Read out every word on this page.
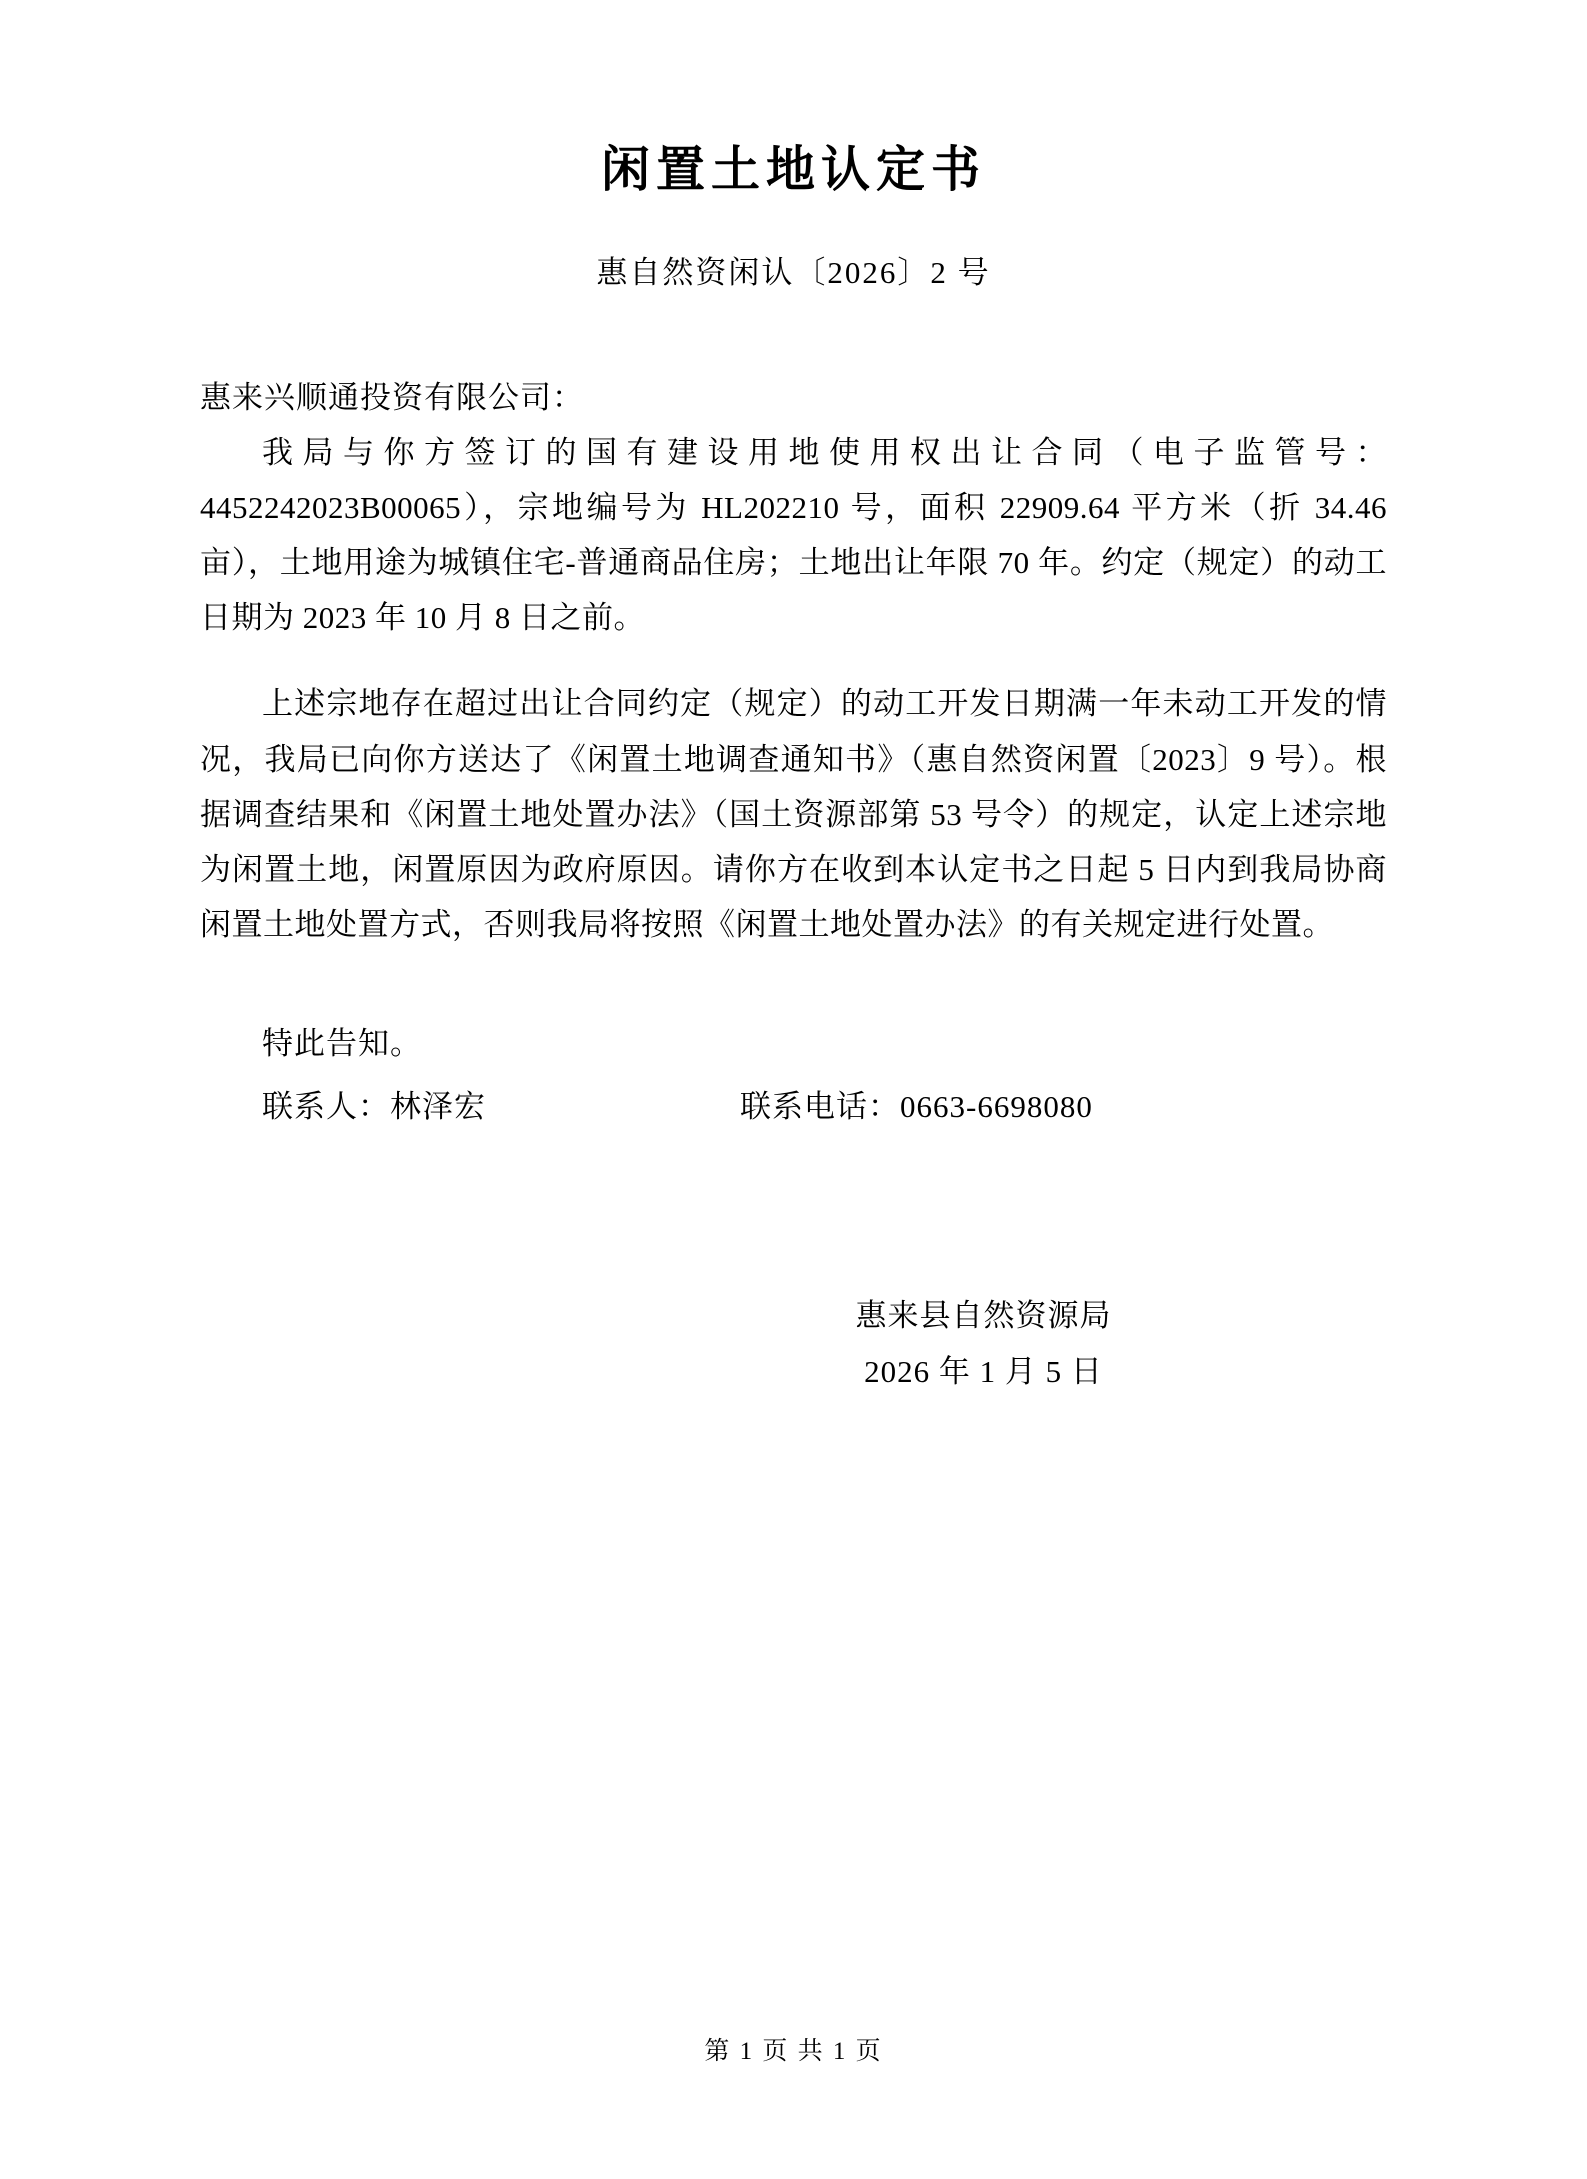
闲置土地认定书
惠自然资闲认〔2026〕2 号
惠来兴顺通投资有限公司：

我局与你方签订的国有建设用地使用权出让合同（电子监管号：4452242023B00065），宗地编号为 HL202210 号，面积 22909.64 平方米（折 34.46 亩），土地用途为城镇住宅-普通商品住房；土地出让年限 70 年。约定（规定）的动工日期为 2023 年 10 月 8 日之前。

上述宗地存在超过出让合同约定（规定）的动工开发日期满一年未动工开发的情况，我局已向你方送达了《闲置土地调查通知书》（惠自然资闲置〔2023〕9 号）。根据调查结果和《闲置土地处置办法》（国土资源部第 53 号令）的规定，认定上述宗地为闲置土地，闲置原因为政府原因。请你方在收到本认定书之日起 5 日内到我局协商闲置土地处置方式，否则我局将按照《闲置土地处置办法》的有关规定进行处置。

特此告知。
联系人：林泽宏	联系电话：0663-6698080
惠来县自然资源局
2026 年 1 月 5 日
第 1 页 共 1 页
